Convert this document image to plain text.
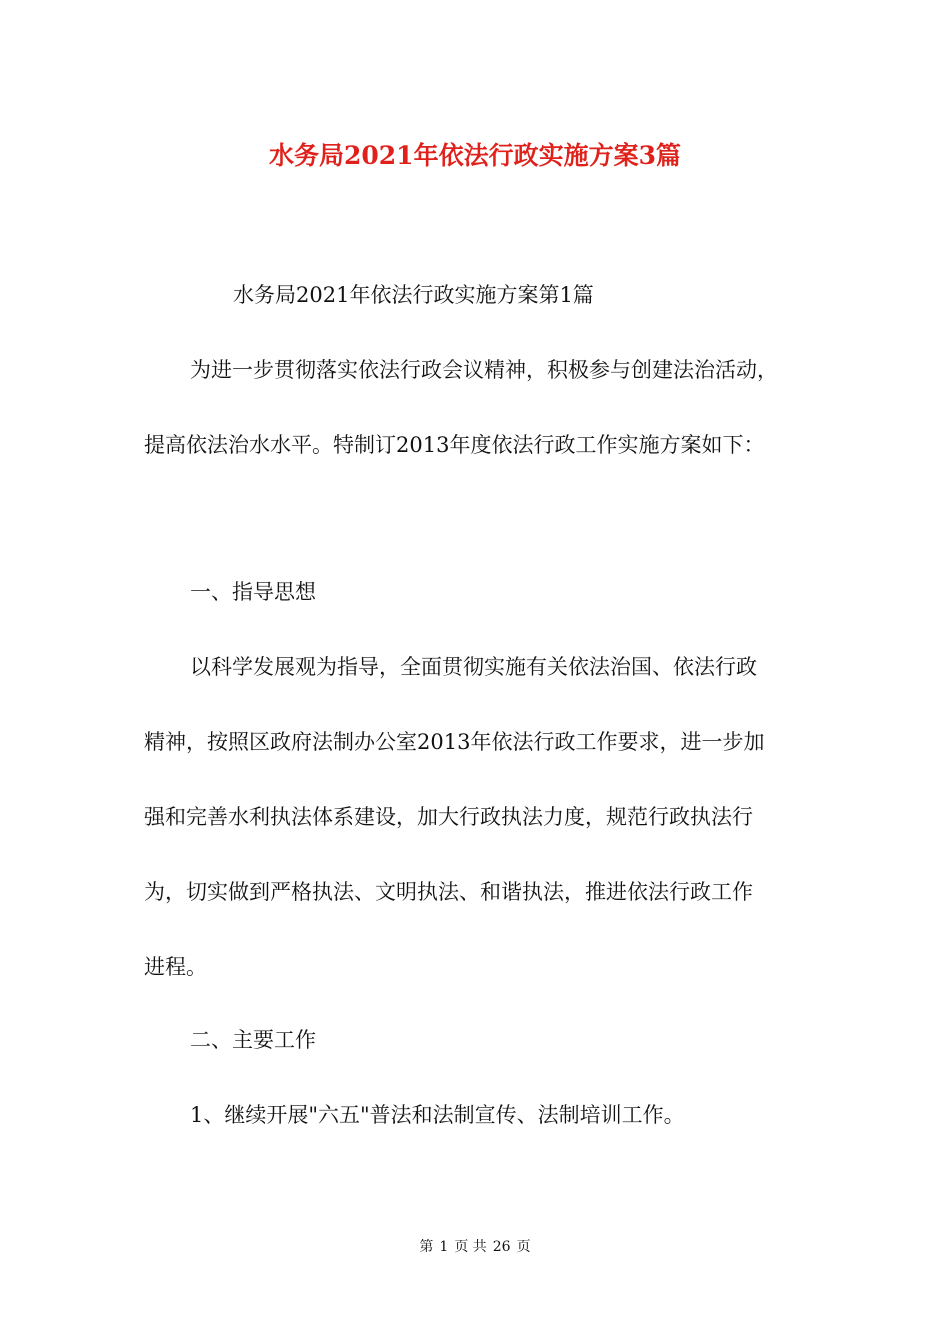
水务局2021年依法行政实施方案3篇
水务局2021年依法行政实施方案第1篇
为进一步贯彻落实依法行政会议精神，积极参与创建法治活动，
提高依法治水水平。特制订2013年度依法行政工作实施方案如下：
一、指导思想
以科学发展观为指导，全面贯彻实施有关依法治国、依法行政
精神，按照区政府法制办公室2013年依法行政工作要求，进一步加
强和完善水利执法体系建设，加大行政执法力度，规范行政执法行
为，切实做到严格执法、文明执法、和谐执法，推进依法行政工作
进程。
二、主要工作
1、继续开展"六五"普法和法制宣传、法制培训工作。
第 1 页 共 26 页
